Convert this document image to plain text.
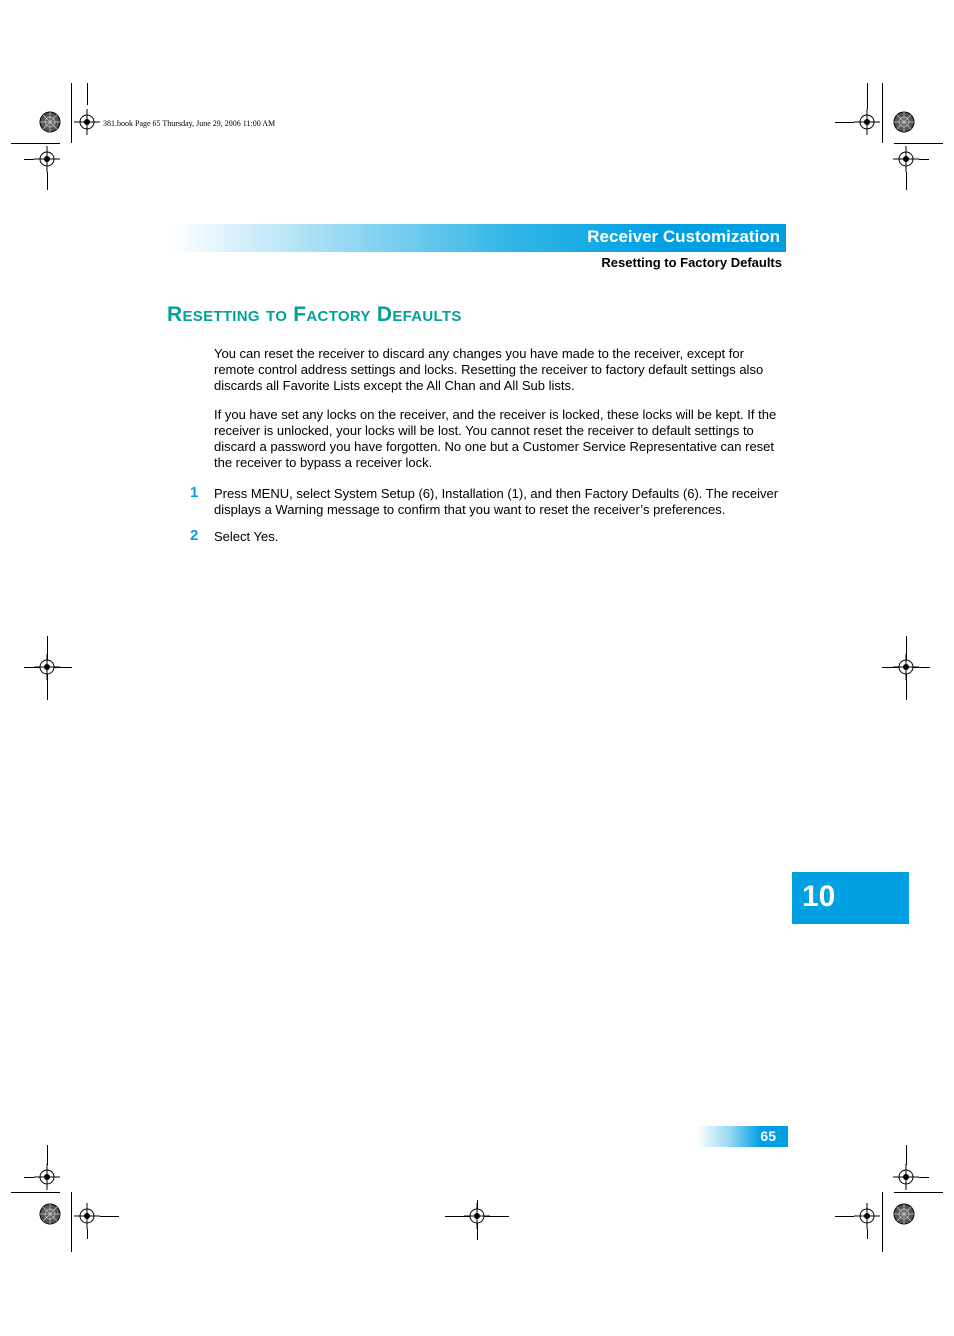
381.book Page 65 Thursday, June 29, 2006 11:00 AM
Receiver Customization
Resetting to Factory Defaults
Resetting to Factory Defaults
You can reset the receiver to discard any changes you have made to the receiver, except for remote control address settings and locks. Resetting the receiver to factory default settings also discards all Favorite Lists except the All Chan and All Sub lists.
If you have set any locks on the receiver, and the receiver is locked, these locks will be kept. If the receiver is unlocked, your locks will be lost. You cannot reset the receiver to default settings to discard a password you have forgotten. No one but a Customer Service Representative can reset the receiver to bypass a receiver lock.
1 Press MENU, select System Setup (6), Installation (1), and then Factory Defaults (6). The receiver displays a Warning message to confirm that you want to reset the receiver’s preferences.
2 Select Yes.
10
65
